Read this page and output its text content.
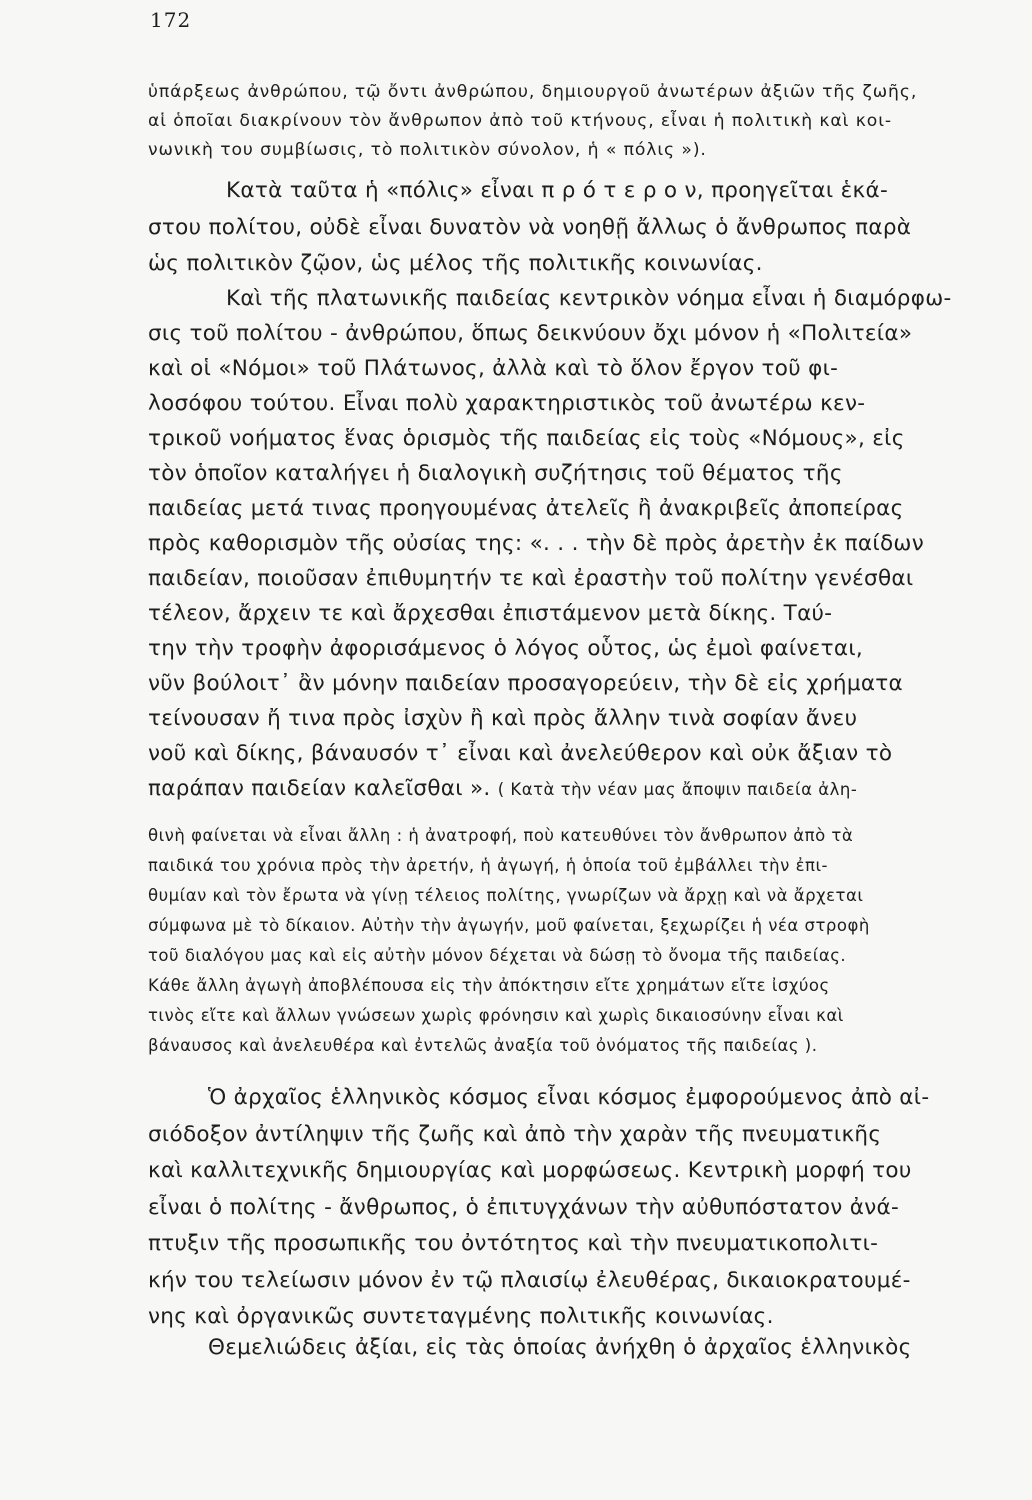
172
ὑπάρξεως ἀνθρώπου, τῷ ὄντι ἀνθρώπου, δημιουργοῦ ἀνωτέρων ἀξιῶν τῆς ζωῆς,
αἱ ὁποῖαι διακρίνουν τὸν ἄνθρωπον ἀπὸ τοῦ κτήνους, εἶναι ἡ πολιτικὴ καὶ κοι-
νωνικὴ του συμβίωσις, τὸ πολιτικὸν σύνολον, ἡ « πόλις »).
Κατὰ ταῦτα ἡ «πόλις» εἶναι π ρ ό τ ε ρ ο ν, προηγεῖται ἑκά-
στου πολίτου, οὐδὲ εἶναι δυνατὸν νὰ νοηθῇ ἄλλως ὁ ἄνθρωπος παρὰ
ὡς πολιτικὸν ζῷον, ὡς μέλος τῆς πολιτικῆς κοινωνίας.
Καὶ τῆς πλατωνικῆς παιδείας κεντρικὸν νόημα εἶναι ἡ διαμόρφω-
σις τοῦ πολίτου - ἀνθρώπου, ὅπως δεικνύουν ὄχι μόνον ἡ «Πολιτεία»
καὶ οἱ «Νόμοι» τοῦ Πλάτωνος, ἀλλὰ καὶ τὸ ὅλον ἔργον τοῦ φι-
λοσόφου τούτου. Εἶναι πολὺ χαρακτηριστικὸς τοῦ ἀνωτέρω κεν-
τρικοῦ νοήματος ἕνας ὁρισμὸς τῆς παιδείας εἰς τοὺς «Νόμους», εἰς
τὸν ὁποῖον καταλήγει ἡ διαλογικὴ συζήτησις τοῦ θέματος τῆς
παιδείας μετά τινας προηγουμένας ἀτελεῖς ἢ ἀνακριβεῖς ἀποπείρας
πρὸς καθορισμὸν τῆς οὐσίας της: «. . . τὴν δὲ πρὸς ἀρετὴν ἐκ παίδων
παιδείαν, ποιοῦσαν ἐπιθυμητήν τε καὶ ἐραστὴν τοῦ πολίτην γενέσθαι
τέλεον, ἄρχειν τε καὶ ἄρχεσθαι ἐπιστάμενον μετὰ δίκης. Ταύ-
την τὴν τροφὴν ἀφορισάμενος ὁ λόγος οὗτος, ὡς ἐμοὶ φαίνεται,
νῦν βούλοιτ᾽ ἂν μόνην παιδείαν προσαγορεύειν, τὴν δὲ εἰς χρήματα
τείνουσαν ἤ τινα πρὸς ἰσχὺν ἢ καὶ πρὸς ἄλλην τινὰ σοφίαν ἄνευ
νοῦ καὶ δίκης, βάναυσόν τ᾽ εἶναι καὶ ἀνελεύθερον καὶ οὐκ ἄξιαν τὸ
παράπαν παιδείαν καλεῖσθαι ». ( Κατὰ τὴν νέαν μας ἄποψιν παιδεία ἀλη-
θινὴ φαίνεται νὰ εἶναι ἄλλη : ἡ ἀνατροφή, ποὺ κατευθύνει τὸν ἄνθρωπον ἀπὸ τὰ
παιδικά του χρόνια πρὸς τὴν ἀρετήν, ἡ ἀγωγή, ἡ ὁποία τοῦ ἐμβάλλει τὴν ἐπι-
θυμίαν καὶ τὸν ἔρωτα νὰ γίνῃ τέλειος πολίτης, γνωρίζων νὰ ἄρχῃ καὶ νὰ ἄρχεται
σύμφωνα μὲ τὸ δίκαιον. Αὐτὴν τὴν ἀγωγήν, μοῦ φαίνεται, ξεχωρίζει ἡ νέα στροφὴ
τοῦ διαλόγου μας καὶ εἰς αὐτὴν μόνον δέχεται νὰ δώσῃ τὸ ὄνομα τῆς παιδείας.
Κάθε ἄλλη ἀγωγὴ ἀποβλέπουσα εἰς τὴν ἀπόκτησιν εἴτε χρημάτων εἴτε ἰσχύος
τινὸς εἴτε καὶ ἄλλων γνώσεων χωρὶς φρόνησιν καὶ χωρὶς δικαιοσύνην εἶναι καὶ
βάναυσος καὶ ἀνελευθέρα καὶ ἐντελῶς ἀναξία τοῦ ὀνόματος τῆς παιδείας ).
Ὁ ἀρχαῖος ἑλληνικὸς κόσμος εἶναι κόσμος ἐμφορούμενος ἀπὸ αἰ-
σιόδοξον ἀντίληψιν τῆς ζωῆς καὶ ἀπὸ τὴν χαρὰν τῆς πνευματικῆς
καὶ καλλιτεχνικῆς δημιουργίας καὶ μορφώσεως. Κεντρικὴ μορφή του
εἶναι ὁ πολίτης - ἄνθρωπος, ὁ ἐπιτυγχάνων τὴν αὐθυπόστατον ἀνά-
πτυξιν τῆς προσωπικῆς του ὀντότητος καὶ τὴν πνευματικοπολιτι-
κήν του τελείωσιν μόνον ἐν τῷ πλαισίῳ ἐλευθέρας, δικαιοκρατουμέ-
νης καὶ ὀργανικῶς συντεταγμένης πολιτικῆς κοινωνίας.
Θεμελιώδεις ἀξίαι, εἰς τὰς ὁποίας ἀνήχθη ὁ ἀρχαῖος ἑλληνικὸς
